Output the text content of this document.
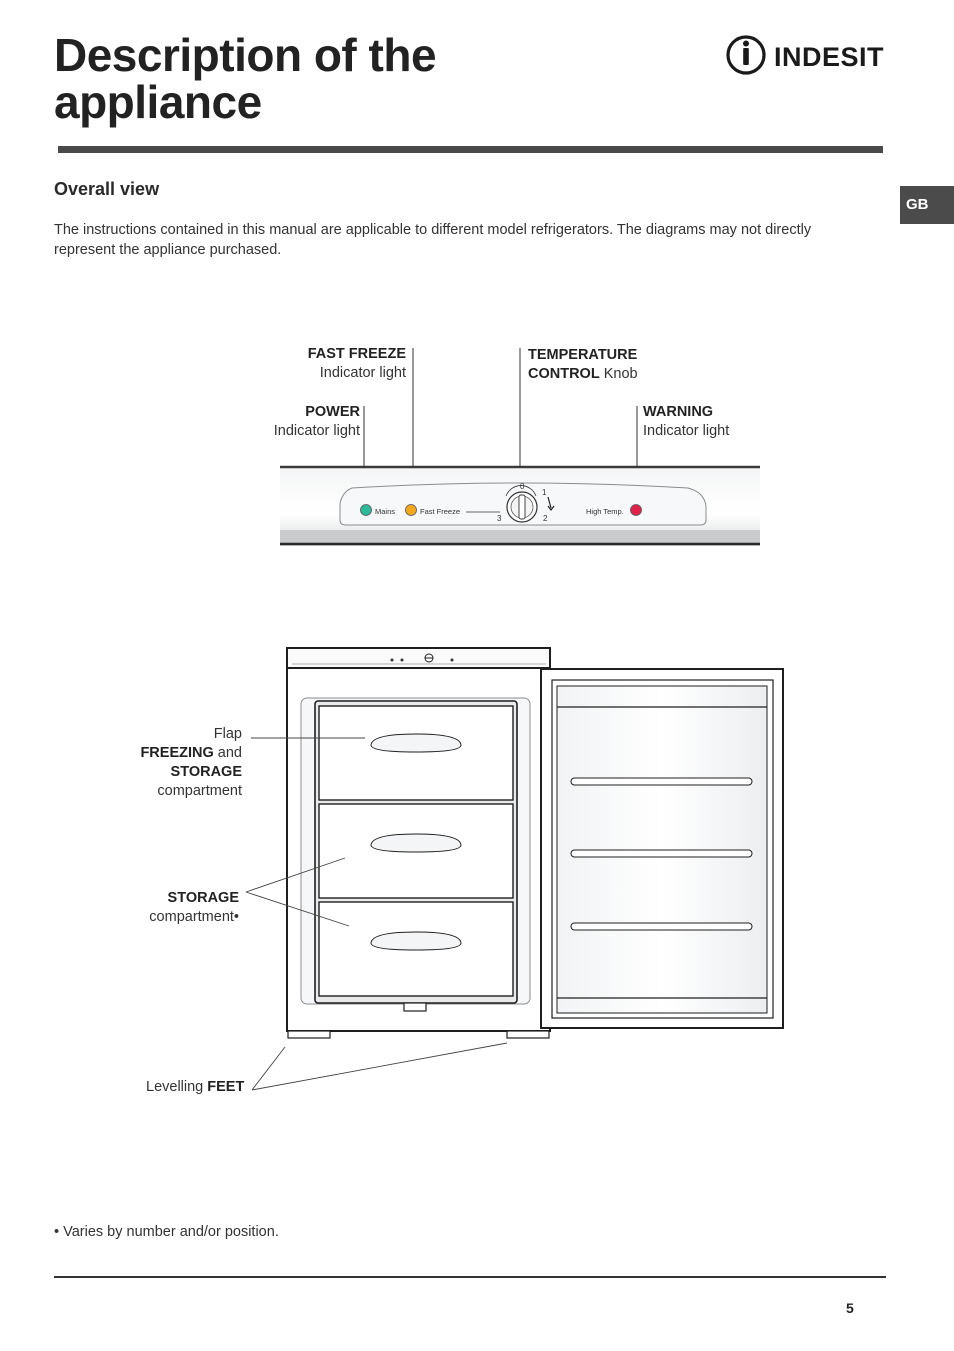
Description of the
appliance
INDESIT
GB
Overall view

The instructions contained in this manual are applicable to different model refrigerators. The diagrams may not directly represent the appliance purchased.

FAST FREEZE
Indicator light
TEMPERATURE
CONTROL Knob
POWER
Indicator light
WARNING
Indicator light
Mains	Fast Freeze	High Temp.
0
1
2
3
Flap
FREEZING and
STORAGE
compartment
STORAGE
compartment•
Levelling FEET

• Varies by number and/or position.

5
